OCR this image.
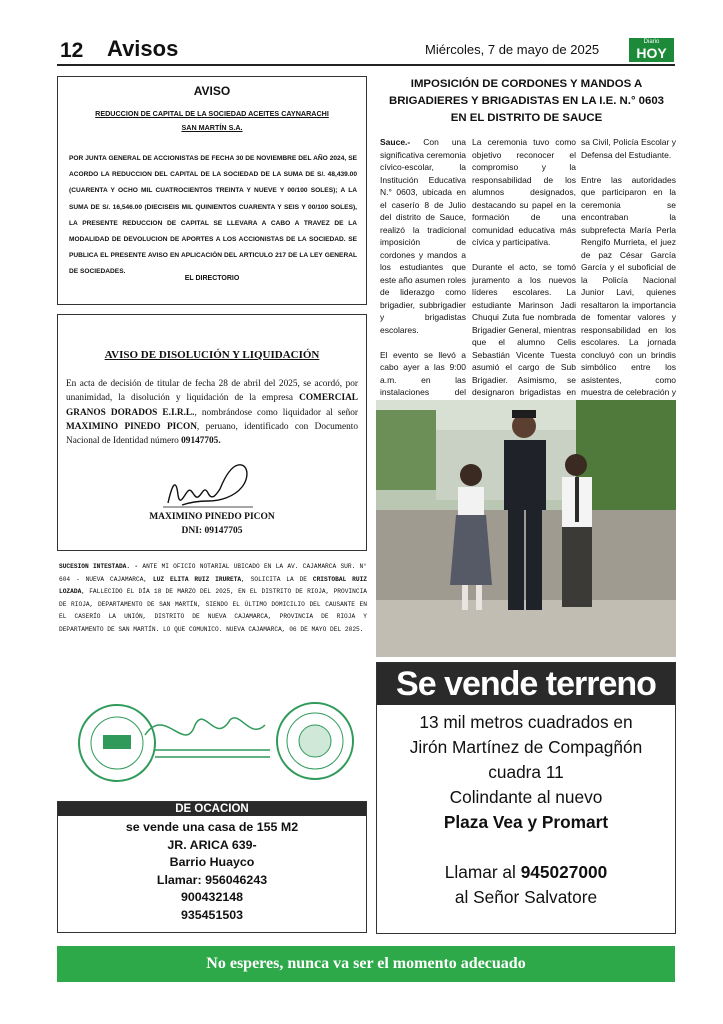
12 Avisos	Miércoles, 7 de mayo de 2025	Diario
HOY
AVISO
REDUCCION DE CAPITAL DE LA SOCIEDAD ACEITES CAYNARACHI
SAN MARTÍN S.A.
POR JUNTA GENERAL DE ACCIONISTAS DE FECHA 30 DE NOVIEMBRE DEL AÑO 2024, SE ACORDO LA REDUCCION DEL CAPITAL DE LA SOCIEDAD DE LA SUMA DE S/. 48,439.00 (CUARENTA Y OCHO MIL CUATROCIENTOS TREINTA Y NUEVE Y 00/100 SOLES); A LA SUMA DE S/. 16,546.00 (DIECISEIS MIL QUINIENTOS CUARENTA Y SEIS Y 00/100 SOLES), LA PRESENTE REDUCCION DE CAPITAL SE LLEVARA A CABO A TRAVEZ DE LA MODALIDAD DE DEVOLUCION DE APORTES A LOS ACCIONISTAS DE LA SOCIEDAD. SE PUBLICA EL PRESENTE AVISO EN APLICACIÓN DEL ARTICULO 217 DE LA LEY GENERAL DE SOCIEDADES.
EL DIRECTORIO
AVISO DE DISOLUCIÓN Y LIQUIDACIÓN
En acta de decisión de titular de fecha 28 de abril del 2025, se acordó, por unanimidad, la disolución y liquidación de la empresa COMERCIAL GRANOS DORADOS E.I.R.L., nombrándose como liquidador al señor MAXIMINO PINEDO PICON, peruano, identificado con Documento Nacional de Identidad número 09147705.
MAXIMINO PINEDO PICON
DNI: 09147705
SUCESION INTESTADA. - ANTE MI OFICIO NOTARIAL UBICADO EN LA AV. CAJAMARCA SUR. N° 604 - NUEVA CAJAMARCA, LUZ ELITA RUIZ IRURETA, SOLICITA LA DE CRISTOBAL RUIZ LOZADA, FALLECIDO EL DÍA 18 DE MARZO DEL 2025, EN EL DISTRITO DE RIOJA, PROVINCIA DE RIOJA, DEPARTAMENTO DE SAN MARTÍN, SIENDO EL ÚLTIMO DOMICILIO DEL CAUSANTE EN EL CASERÍO LA UNIÓN, DISTRITO DE NUEVA CAJAMARCA, PROVINCIA DE RIOJA Y DEPARTAMENTO DE SAN MARTÍN. LO QUE COMUNICO. NUEVA CAJAMARCA, 06 DE MAYO DEL 2025.
DE OCACION
se vende una casa de 155 M2
JR. ARICA 639-
Barrio Huayco
Llamar: 956046243
900432148
935451503
IMPOSICIÓN DE CORDONES Y MANDOS A
BRIGADIERES Y BRIGADISTAS EN LA I.E. N.° 0603
EN EL DISTRITO DE SAUCE

Sauce.- Con una significativa ceremonia cívico-escolar, la Institución Educativa N.° 0603, ubicada en el caserío 8 de Julio del distrito de Sauce, realizó la tradicional imposición de cordones y mandos a los estudiantes que este año asumen roles de liderazgo como brigadier, subbrigadier y brigadistas escolares.

El evento se llevó a cabo ayer a las 9:00 a.m. en las instalaciones del

La ceremonia tuvo como objetivo reconocer el compromiso y la responsabilidad de los alumnos designados, destacando su papel en la formación de una comunidad educativa más cívica y participativa.

Durante el acto, se tomó juramento a los nuevos líderes escolares. La estudiante Marinson Jadi Chuqui Zuta fue nombrada Brigadier General, mientras que el alumno Celis Sebastián Vicente Tuesta asumió el cargo de Sub Brigadier. Asimismo, se designaron brigadistas en

sa Civil, Policía Escolar y Defensa del Estudiante.

Entre las autoridades que participaron en la ceremonia se encontraban la subprefecta María Perla Rengifo Murrieta, el juez de paz César García García y el suboficial de la Policía Nacional Junior Lavi, quienes resaltaron la importancia de fomentar valores y responsabilidad en los escolares. La jornada concluyó con un brindis simbólico entre los asistentes, como muestra de celebración y

Se vende terreno
13 mil metros cuadrados en
Jirón Martínez de Compagñón
cuadra 11
Colindante al nuevo
Plaza Vea y Promart
Llamar al 945027000
al Señor Salvatore
No esperes, nunca va ser el momento adecuado
